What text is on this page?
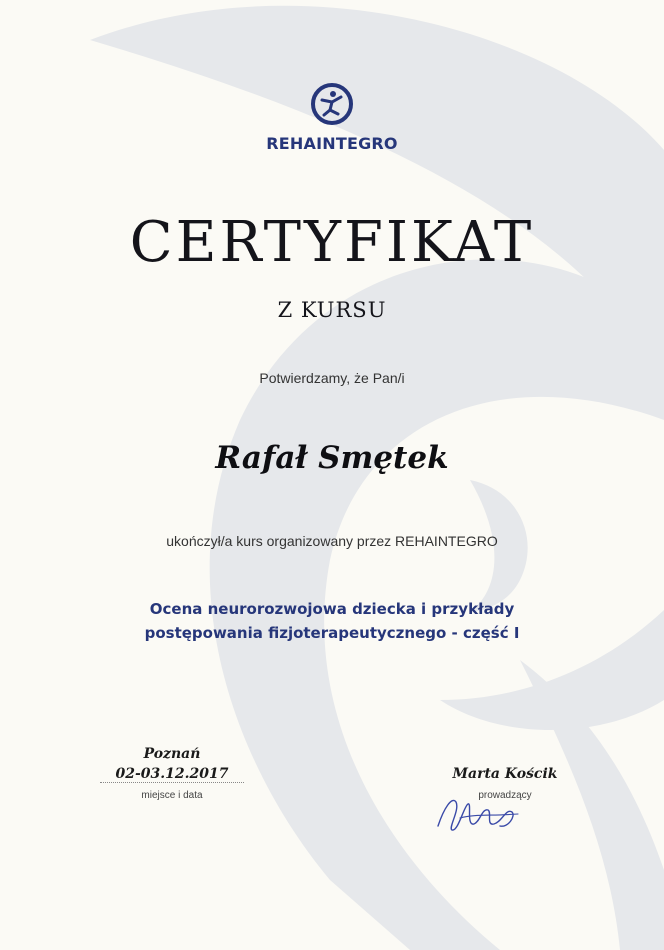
REHAINTEGRO
CERTYFIKAT
Z KURSU
Potwierdzamy, że Pan/i
Rafał Smętek
ukończył/a kurs organizowany przez REHAINTEGRO
Ocena neurorozwojowa dziecka i przykłady
postępowania fizjoterapeutycznego - część I
Poznań
02-03.12.2017
miejsce i data
Marta Kościk
prowadzący
